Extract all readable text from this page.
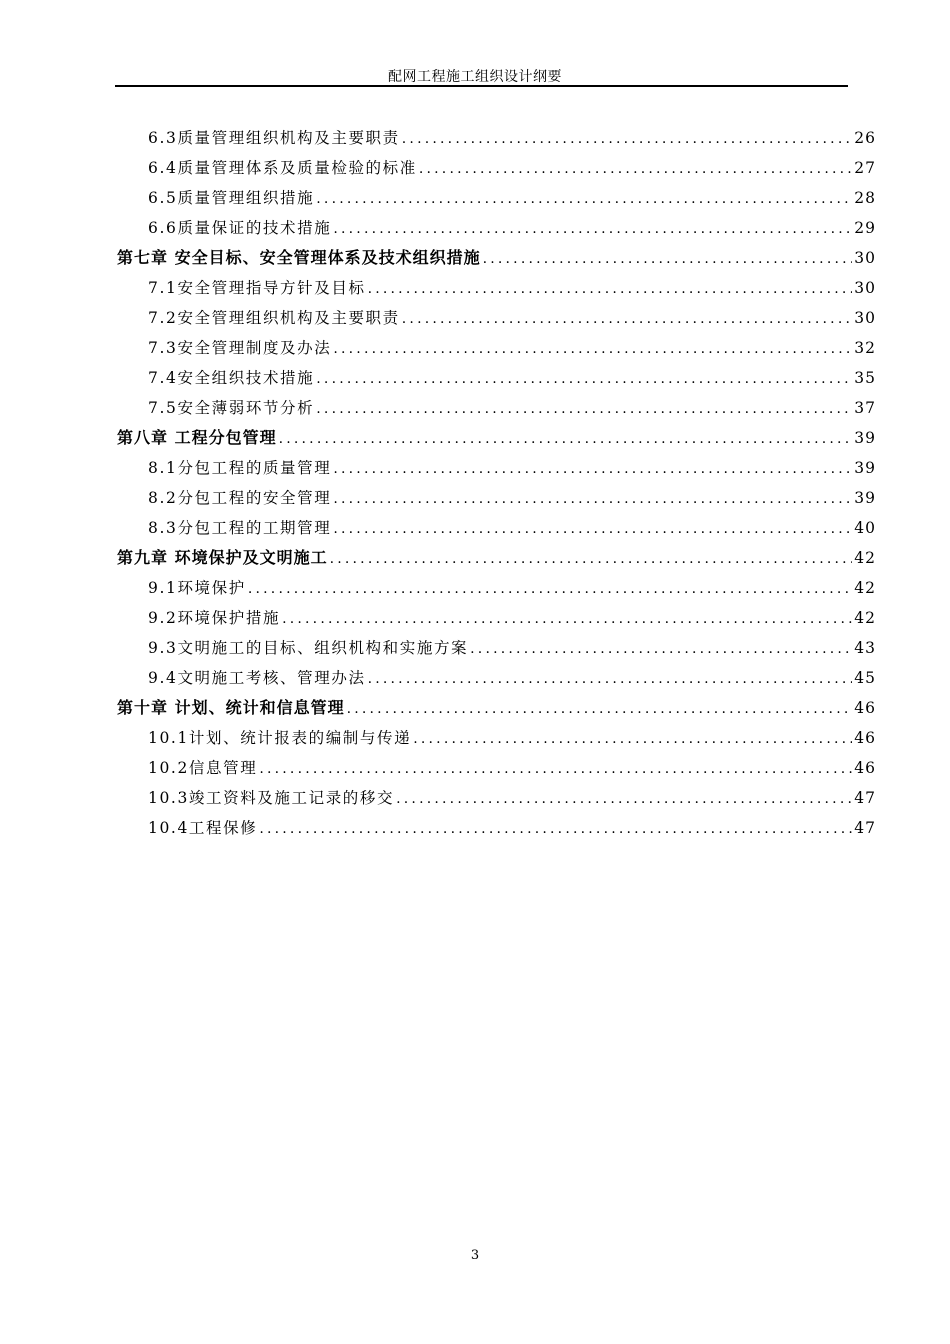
配网工程施工组织设计纲要
6.3质量管理组织机构及主要职责 .....	26
6.4质量管理体系及质量检验的标准 .....	27
6.5质量管理组织措施 .....	28
6.6质量保证的技术措施 .....	29
第七章 安全目标、安全管理体系及技术组织措施 .....	30
7.1安全管理指导方针及目标 .....	30
7.2安全管理组织机构及主要职责 .....	30
7.3安全管理制度及办法 .....	32
7.4安全组织技术措施 .....	35
7.5安全薄弱环节分析 .....	37
第八章 工程分包管理 .....	39
8.1分包工程的质量管理 .....	39
8.2分包工程的安全管理 .....	39
8.3分包工程的工期管理 .....	40
第九章 环境保护及文明施工 .....	42
9.1环境保护 .....	42
9.2环境保护措施 .....	42
9.3文明施工的目标、组织机构和实施方案 .....	43
9.4文明施工考核、管理办法 .....	45
第十章 计划、统计和信息管理 .....	46
10.1计划、统计报表的编制与传递 .....	46
10.2信息管理 .....	46
10.3竣工资料及施工记录的移交 .....	47
10.4工程保修 .....	47
3
